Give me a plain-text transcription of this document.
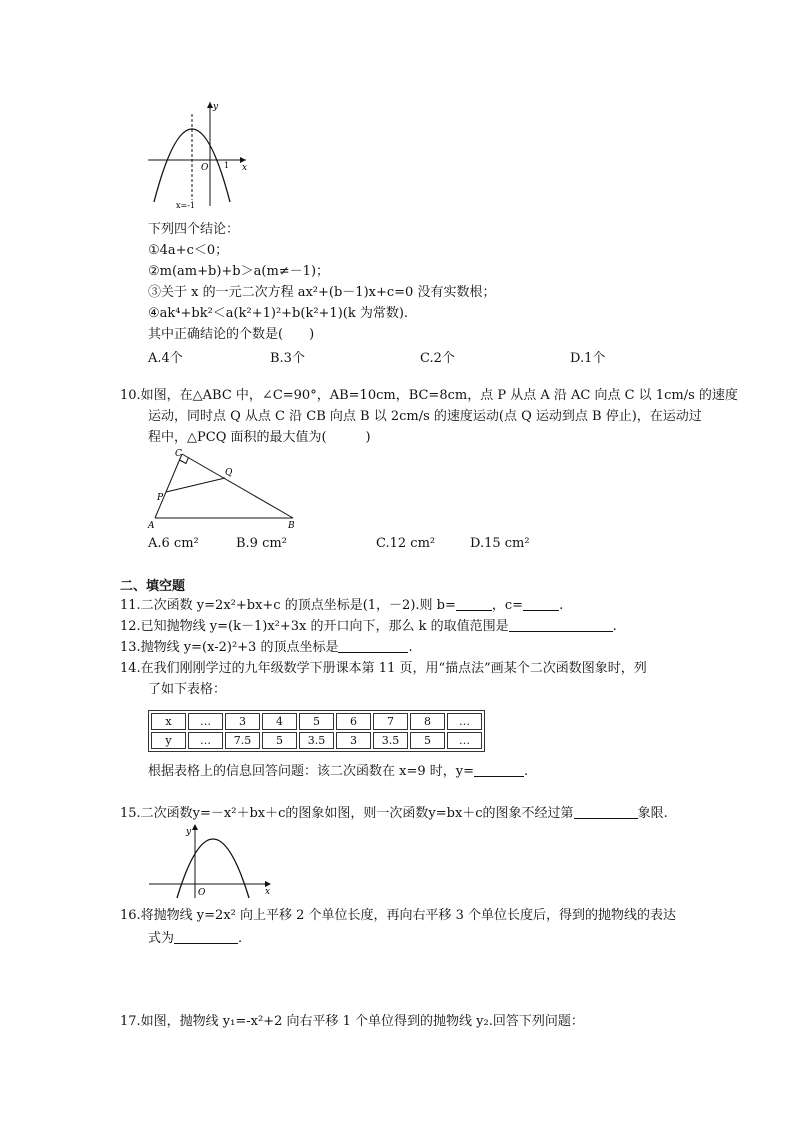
y
x
O 1
x=-1
下列四个结论：
①4a+c＜0；
②m(am+b)+b＞a(m≠－1)；
③关于 x 的一元二次方程 ax²+(b－1)x+c=0 没有实数根；
④ak⁴+bk²＜a(k²+1)²+b(k²+1)(k 为常数).
其中正确结论的个数是(　　)
A.4个	B.3个	C.2个	D.1个
10.如图，在△ABC 中，∠C=90°，AB=10cm，BC=8cm，点 P 从点 A 沿 AC 向点 C 以 1cm/s 的速度
运动，同时点 Q 从点 C 沿 CB 向点 B 以 2cm/s 的速度运动(点 Q 运动到点 B 停止)，在运动过
程中，△PCQ 面积的最大值为(　　　)
C
Q
P
A	B
A.6 cm²	B.9 cm²	C.12 cm²	D.15 cm²
二、填空题
11.二次函数 y=2x²+bx+c 的顶点坐标是(1，－2).则 b=	，c=	.
12.已知抛物线 y=(k－1)x²+3x 的开口向下，那么 k 的取值范围是	.
13.抛物线 y=(x-2)²+3 的顶点坐标是	.
14.在我们刚刚学过的九年级数学下册课本第 11 页，用“描点法”画某个二次函数图象时，列
了如下表格：
x	…	3	4	5	6	7	8	…
y	…	7.5	5	3.5	3	3.5	5	…
根据表格上的信息回答问题：该二次函数在 x=9 时，y=	.
15.二次函数y=－x²＋bx＋c的图象如图，则一次函数y=bx＋c的图象不经过第	象限.
y
x
O
16.将抛物线 y=2x² 向上平移 2 个单位长度，再向右平移 3 个单位长度后，得到的抛物线的表达
式为	.
17.如图，抛物线 y₁=-x²+2 向右平移 1 个单位得到的抛物线 y₂.回答下列问题：
